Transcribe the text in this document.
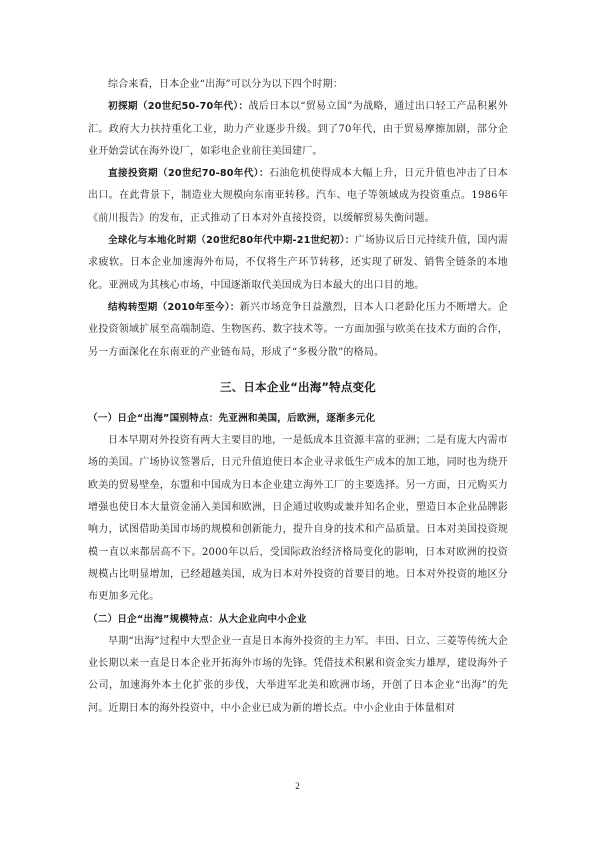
综合来看，日本企业“出海”可以分为以下四个时期：

初探期（20世纪50-70年代）：战后日本以“贸易立国”为战略，通过出口轻工产品积累外汇。政府大力扶持重化工业，助力产业逐步升级。到了70年代，由于贸易摩擦加剧，部分企业开始尝试在海外设厂，如彩电企业前往美国建厂。

直接投资期（20世纪70-80年代）：石油危机使得成本大幅上升，日元升值也冲击了日本出口。在此背景下，制造业大规模向东南亚转移。汽车、电子等领域成为投资重点。1986年《前川报告》的发布，正式推动了日本对外直接投资，以缓解贸易失衡问题。

全球化与本地化时期（20世纪80年代中期-21世纪初）：广场协议后日元持续升值，国内需求疲软。日本企业加速海外布局，不仅将生产环节转移，还实现了研发、销售全链条的本地化。亚洲成为其核心市场，中国逐渐取代美国成为日本最大的出口目的地。

结构转型期（2010年至今）：新兴市场竞争日益激烈，日本人口老龄化压力不断增大。企业投资领域扩展至高端制造、生物医药、数字技术等。一方面加强与欧美在技术方面的合作，另一方面深化在东南亚的产业链布局，形成了“多极分散”的格局。

三、日本企业“出海”特点变化

（一）日企“出海”国别特点：先亚洲和美国，后欧洲，逐渐多元化

日本早期对外投资有两大主要目的地，一是低成本且资源丰富的亚洲；二是有庞大内需市场的美国。广场协议签署后，日元升值迫使日本企业寻求低生产成本的加工地，同时也为绕开欧美的贸易壁垒，东盟和中国成为日本企业建立海外工厂的主要选择。另一方面，日元购买力增强也使日本大量资金涌入美国和欧洲，日企通过收购或兼并知名企业，塑造日本企业品牌影响力，试图借助美国市场的规模和创新能力，提升自身的技术和产品质量。日本对美国投资规模一直以来都居高不下。2000年以后，受国际政治经济格局变化的影响，日本对欧洲的投资规模占比明显增加，已经超越美国，成为日本对外投资的首要目的地。日本对外投资的地区分布更加多元化。

（二）日企“出海”规模特点：从大企业向中小企业

早期“出海”过程中大型企业一直是日本海外投资的主力军。丰田、日立、三菱等传统大企业长期以来一直是日本企业开拓海外市场的先锋。凭借技术积累和资金实力雄厚，建设海外子公司，加速海外本土化扩张的步伐，大举进军北美和欧洲市场，开创了日本企业“出海”的先河。近期日本的海外投资中，中小企业已成为新的增长点。中小企业由于体量相对

2
